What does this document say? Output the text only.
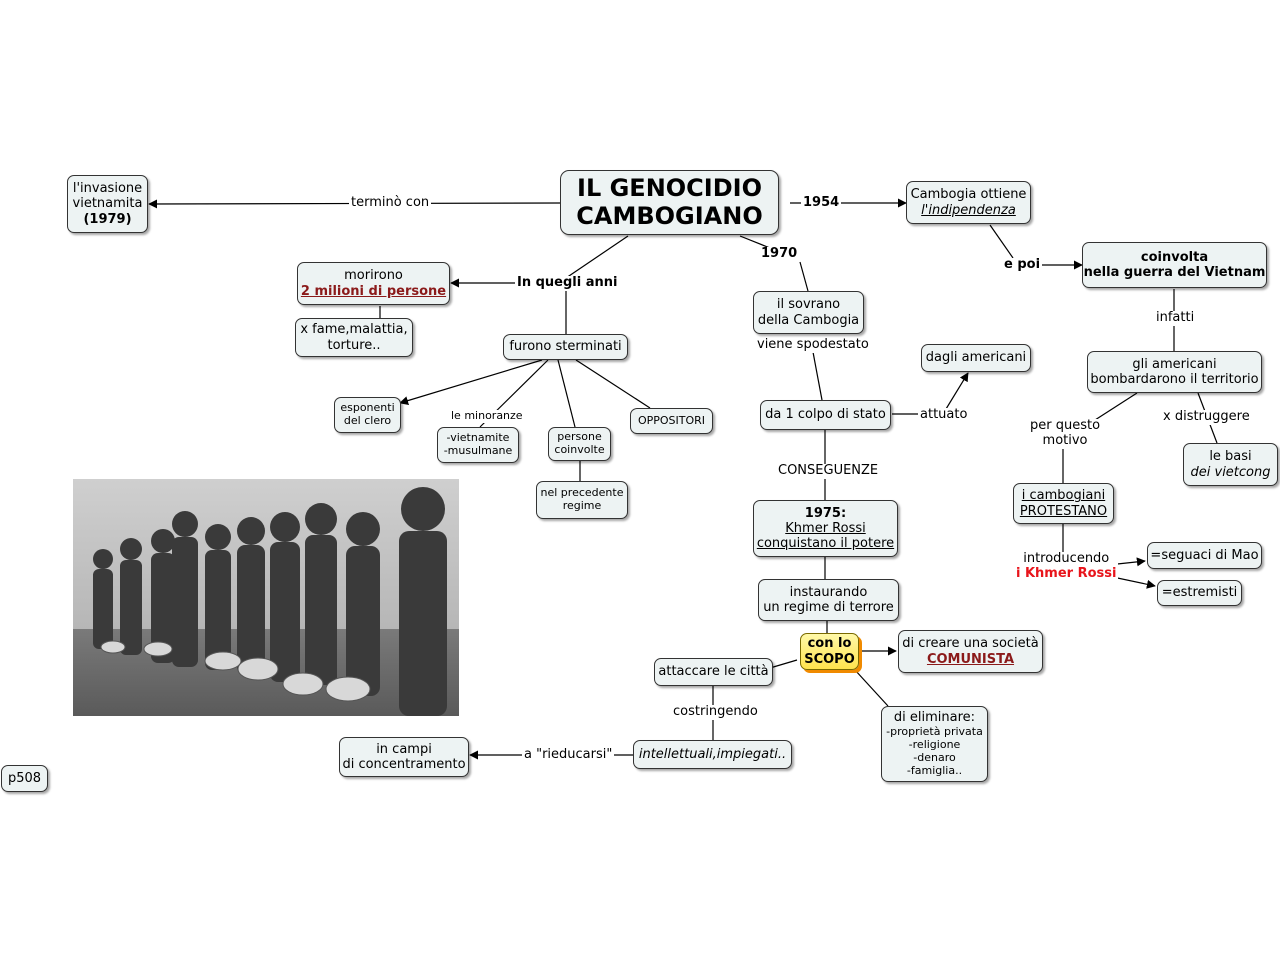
IL GENOCIDIO
CAMBOGIANO
l'invasione
vietnamita
(1979)
Cambogia ottiene
l'indipendenza
coinvolta
nella guerra del Vietnam
morirono
2 milioni di persone
x fame,malattia,
torture..	furono sterminati
esponenti
del clero
-vietnamite
-musulmane
persone
coinvolte
OPPOSITORI
nel precedente
regime
il sovrano
della Cambogia
dagli americani
da 1 colpo di stato
1975:
Khmer Rossi
conquistano il potere
instaurando
un regime di terrore
con lo
SCOPO
di creare una società
COMUNISTA
attaccare le città
di eliminare:
-proprietà privata
-religione
-denaro
-famiglia..
intellettuali,impiegati..
in campi
di concentramento
gli americani
bombardarono il territorio
le basi
dei vietcong
i cambogiani
PROTESTANO
=seguaci di Mao
=estremisti
p508
terminò con	1954
1970
e poi
In quegli anni
infatti
le minoranze
viene spodestato
attuato
CONSEGUENZE
per questo
motivo
x distruggere
introducendo
i Khmer Rossi
costringendo
a "rieducarsi"
